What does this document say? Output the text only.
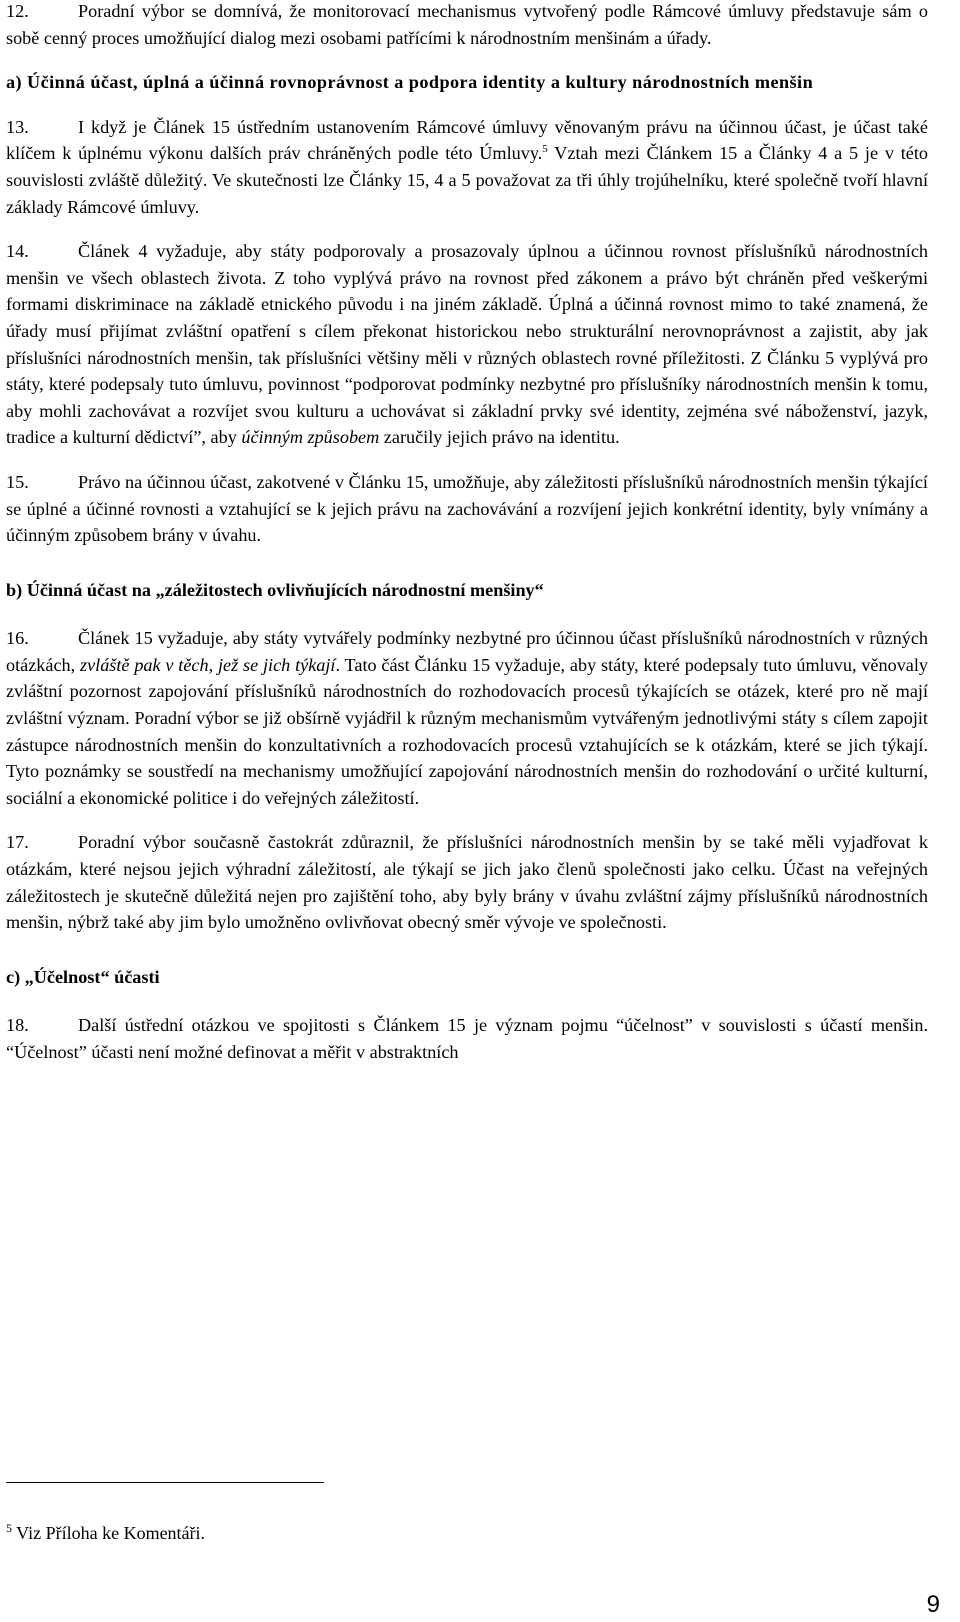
12.	Poradní výbor se domnívá, že monitorovací mechanismus vytvořený podle Rámcové úmluvy představuje sám o sobě cenný proces umožňující dialog mezi osobami patřícími k národnostním menšinám a úřady.

a) Účinná účast, úplná a účinná rovnoprávnost a podpora identity a kultury národnostních menšin

13.	I když je Článek 15 ústředním ustanovením Rámcové úmluvy věnovaným právu na účinnou účast, je účast také klíčem k úplnému výkonu dalších práv chráněných podle této Úmluvy.$^5$ Vztah mezi Článkem 15 a Články 4 a 5 je v této souvislosti zvláště důležitý. Ve skutečnosti lze Články 15, 4 a 5 považovat za tři úhly trojúhelníku, které společně tvoří hlavní základy Rámcové úmluvy.

14.	Článek 4 vyžaduje, aby státy podporovaly a prosazovaly úplnou a účinnou rovnost příslušníků národnostních menšin ve všech oblastech života. Z toho vyplývá právo na rovnost před zákonem a právo být chráněn před veškerými formami diskriminace na základě etnického původu i na jiném základě. Úplná a účinná rovnost mimo to také znamená, že úřady musí přijímat zvláštní opatření s cílem překonat historickou nebo strukturální nerovnoprávnost a zajistit, aby jak příslušníci národnostních menšin, tak příslušníci většiny měli v různých oblastech rovné příležitosti. Z Článku 5 vyplývá pro státy, které podepsaly tuto úmluvu, povinnost “podporovat podmínky nezbytné pro příslušníky národnostních menšin k tomu, aby mohli zachovávat a rozvíjet svou kulturu a uchovávat si základní prvky své identity, zejména své náboženství, jazyk, tradice a kulturní dědictví”, aby účinným způsobem zaručily jejich právo na identitu.

15.	Právo na účinnou účast, zakotvené v Článku 15, umožňuje, aby záležitosti příslušníků národnostních menšin týkající se úplné a účinné rovnosti a vztahující se k jejich právu na zachovávání a rozvíjení jejich konkrétní identity, byly vnímány a účinným způsobem brány v úvahu.

b) Účinná účast na „záležitostech ovlivňujících národnostní menšiny“

16.	Článek 15 vyžaduje, aby státy vytvářely podmínky nezbytné pro účinnou účast příslušníků národnostních v různých otázkách, zvláště pak v těch, jež se jich týkají. Tato část Článku 15 vyžaduje, aby státy, které podepsaly tuto úmluvu, věnovaly zvláštní pozornost zapojování příslušníků národnostních do rozhodovacích procesů týkajících se otázek, které pro ně mají zvláštní význam. Poradní výbor se již obšírně vyjádřil k různým mechanismům vytvářeným jednotlivými státy s cílem zapojit zástupce národnostních menšin do konzultativních a rozhodovacích procesů vztahujících se k otázkám, které se jich týkají. Tyto poznámky se soustředí na mechanismy umožňující zapojování národnostních menšin do rozhodování o určité kulturní, sociální a ekonomické politice i do veřejných záležitostí.

17.	Poradní výbor současně častokrát zdůraznil, že příslušníci národnostních menšin by se také měli vyjadřovat k otázkám, které nejsou jejich výhradní záležitostí, ale týkají se jich jako členů společnosti jako celku. Účast na veřejných záležitostech je skutečně důležitá nejen pro zajištění toho, aby byly brány v úvahu zvláštní zájmy příslušníků národnostních menšin, nýbrž také aby jim bylo umožněno ovlivňovat obecný směr vývoje ve společnosti.

c) „Účelnost“ účasti

18.	Další ústřední otázkou ve spojitosti s Článkem 15 je význam pojmu “účelnost” v souvislosti s účastí menšin. “Účelnost” účasti není možné definovat a měřit v abstraktních

$^5$ Viz Příloha ke Komentáři.
9
